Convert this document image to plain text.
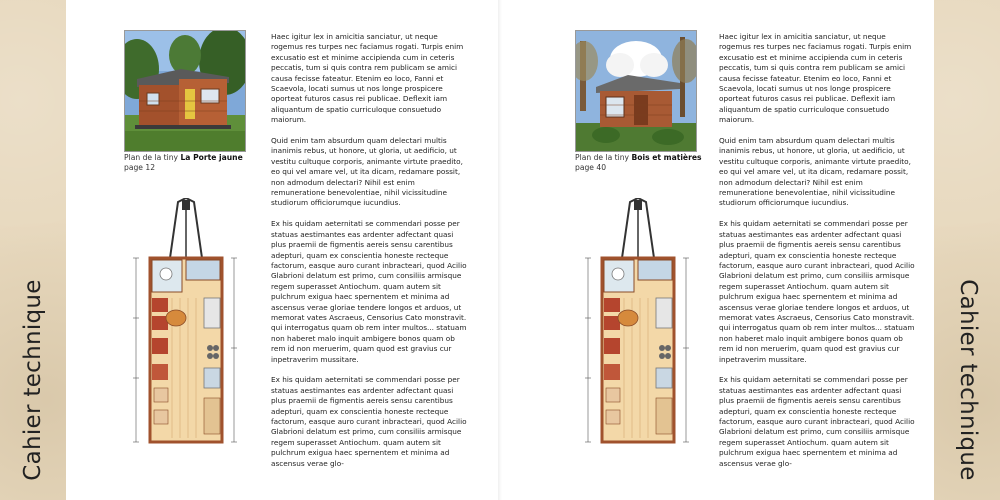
Cahier technique	Cahier technique
Plan de la tiny La Porte jaune
page 12

Haec igitur lex in amicitia sanciatur, ut neque rogemus res turpes nec faciamus rogati. Turpis enim excusatio est et minime accipienda cum in ceteris peccatis, tum si quis contra rem publicam se amici causa fecisse fateatur. Etenim eo loco, Fanni et Scaevola, locati sumus ut nos longe prospicere oporteat futuros casus rei publicae. Deflexit iam aliquantum de spatio curriculoque consuetudo maiorum.

Quid enim tam absurdum quam delectari multis inanimis rebus, ut honore, ut gloria, ut aedificio, ut vestitu cultuque corporis, animante virtute praedito, eo qui vel amare vel, ut ita dicam, redamare possit, non admodum delectari? Nihil est enim remuneratione benevolentiae, nihil vicissitudine studiorum officiorumque iucundius.

Ex his quidam aeternitati se commendari posse per statuas aestimantes eas ardenter adfectant quasi plus praemii de figmentis aereis sensu carentibus adepturi, quam ex conscientia honeste recteque factorum, easque auro curant inbracteari, quod Acilio Glabrioni delatum est primo, cum consiliis armisque regem superasset Antiochum. quam autem sit pulchrum exigua haec spernentem et minima ad ascensus verae gloriae tendere longos et arduos, ut memorat vates Ascraeus, Censorius Cato monstravit. qui interrogatus quam ob rem inter multos... statuam non haberet malo inquit ambigere bonos quam ob rem id non meruerim, quam quod est gravius cur inpetraverim mussitare.

Ex his quidam aeternitati se commendari posse per statuas aestimantes eas ardenter adfectant quasi plus praemii de figmentis aereis sensu carentibus adepturi, quam ex conscientia honeste recteque factorum, easque auro curant inbracteari, quod Acilio Glabrioni delatum est primo, cum consiliis armisque regem superasset Antiochum. quam autem sit pulchrum exigua haec spernentem et minima ad ascensus verae glo-

Plan de la tiny Bois et matières
page 40

Haec igitur lex in amicitia sanciatur, ut neque rogemus res turpes nec faciamus rogati. Turpis enim excusatio est et minime accipienda cum in ceteris peccatis, tum si quis contra rem publicam se amici causa fecisse fateatur. Etenim eo loco, Fanni et Scaevola, locati sumus ut nos longe prospicere oporteat futuros casus rei publicae. Deflexit iam aliquantum de spatio curriculoque consuetudo maiorum.

Quid enim tam absurdum quam delectari multis inanimis rebus, ut honore, ut gloria, ut aedificio, ut vestitu cultuque corporis, animante virtute praedito, eo qui vel amare vel, ut ita dicam, redamare possit, non admodum delectari? Nihil est enim remuneratione benevolentiae, nihil vicissitudine studiorum officiorumque iucundius.

Ex his quidam aeternitati se commendari posse per statuas aestimantes eas ardenter adfectant quasi plus praemii de figmentis aereis sensu carentibus adepturi, quam ex conscientia honeste recteque factorum, easque auro curant inbracteari, quod Acilio Glabrioni delatum est primo, cum consiliis armisque regem superasset Antiochum. quam autem sit pulchrum exigua haec spernentem et minima ad ascensus verae gloriae tendere longos et arduos, ut memorat vates Ascraeus, Censorius Cato monstravit. qui interrogatus quam ob rem inter multos... statuam non haberet malo inquit ambigere bonos quam ob rem id non meruerim, quam quod est gravius cur inpetraverim mussitare.

Ex his quidam aeternitati se commendari posse per statuas aestimantes eas ardenter adfectant quasi plus praemii de figmentis aereis sensu carentibus adepturi, quam ex conscientia honeste recteque factorum, easque auro curant inbracteari, quod Acilio Glabrioni delatum est primo, cum consiliis armisque regem superasset Antiochum. quam autem sit pulchrum exigua haec spernentem et minima ad ascensus verae glo-
